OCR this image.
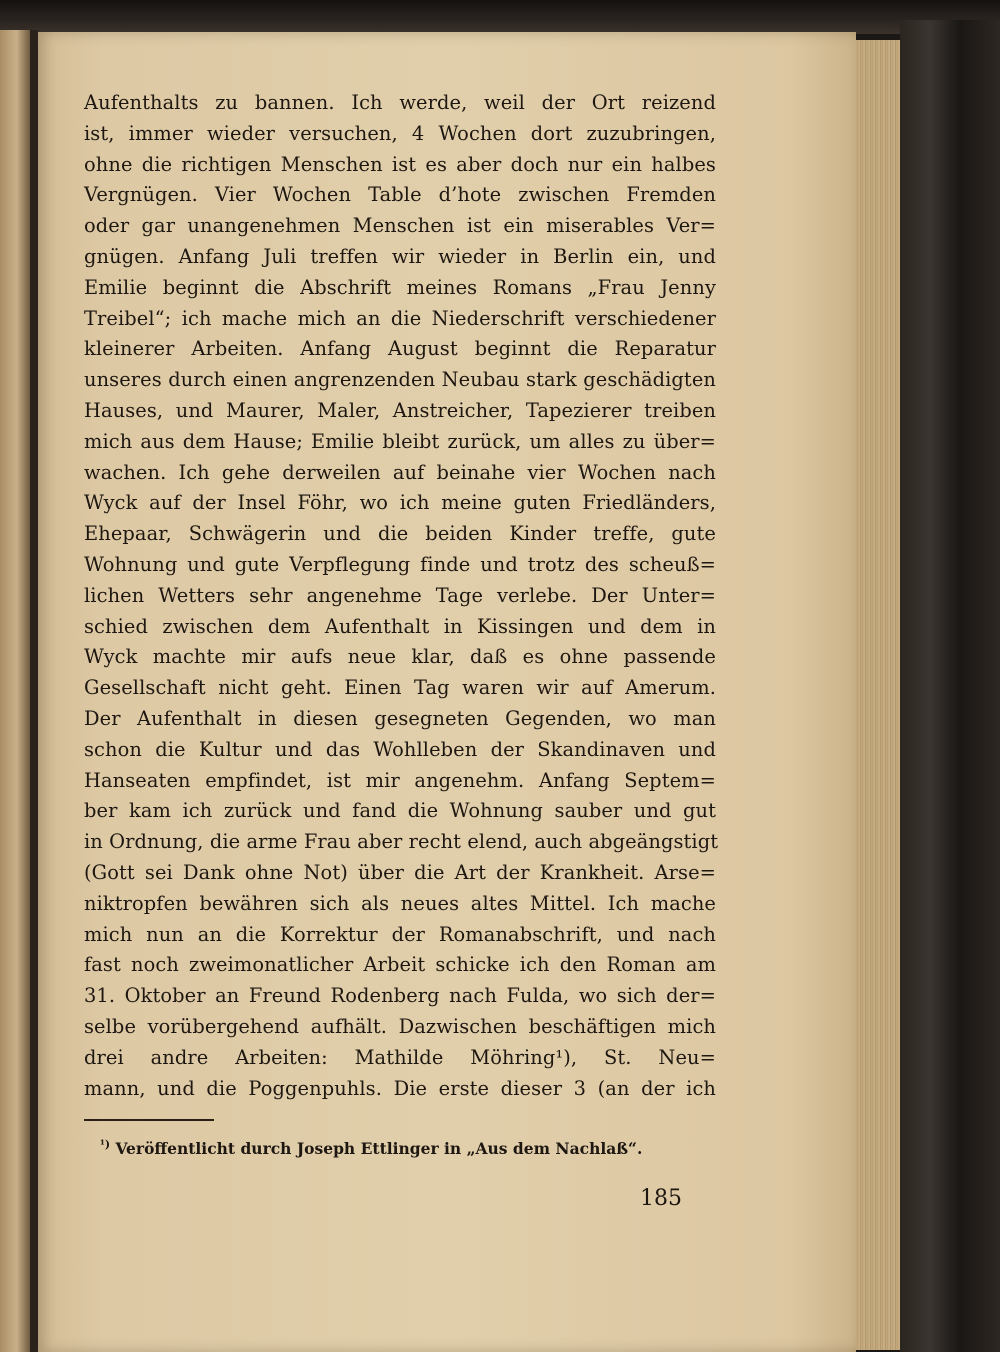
Aufenthalts zu bannen. Ich werde, weil der Ort reizend
ist, immer wieder versuchen, 4 Wochen dort zuzubringen,
ohne die richtigen Menschen ist es aber doch nur ein halbes
Vergnügen. Vier Wochen Table d’hote zwischen Fremden
oder gar unangenehmen Menschen ist ein miserables Ver=
gnügen. Anfang Juli treffen wir wieder in Berlin ein, und
Emilie beginnt die Abschrift meines Romans „Frau Jenny
Treibel“; ich mache mich an die Niederschrift verschiedener
kleinerer Arbeiten. Anfang August beginnt die Reparatur
unseres durch einen angrenzenden Neubau stark geschädigten
Hauses, und Maurer, Maler, Anstreicher, Tapezierer treiben
mich aus dem Hause; Emilie bleibt zurück, um alles zu über=
wachen. Ich gehe derweilen auf beinahe vier Wochen nach
Wyck auf der Insel Föhr, wo ich meine guten Friedländers,
Ehepaar, Schwägerin und die beiden Kinder treffe, gute
Wohnung und gute Verpflegung finde und trotz des scheuß=
lichen Wetters sehr angenehme Tage verlebe. Der Unter=
schied zwischen dem Aufenthalt in Kissingen und dem in
Wyck machte mir aufs neue klar, daß es ohne passende
Gesellschaft nicht geht. Einen Tag waren wir auf Amerum.
Der Aufenthalt in diesen gesegneten Gegenden, wo man
schon die Kultur und das Wohlleben der Skandinaven und
Hanseaten empfindet, ist mir angenehm. Anfang Septem=
ber kam ich zurück und fand die Wohnung sauber und gut
in Ordnung, die arme Frau aber recht elend, auch abgeängstigt
(Gott sei Dank ohne Not) über die Art der Krankheit. Arse=
niktropfen bewähren sich als neues altes Mittel. Ich mache
mich nun an die Korrektur der Romanabschrift, und nach
fast noch zweimonatlicher Arbeit schicke ich den Roman am
31. Oktober an Freund Rodenberg nach Fulda, wo sich der=
selbe vorübergehend aufhält. Dazwischen beschäftigen mich
drei andre Arbeiten: Mathilde Möhring¹), St. Neu=
mann, und die Poggenpuhls. Die erste dieser 3 (an der ich
$^{^1)}$ Veröffentlicht durch Joseph Ettlinger in „Aus dem Nachlaß“.
185
